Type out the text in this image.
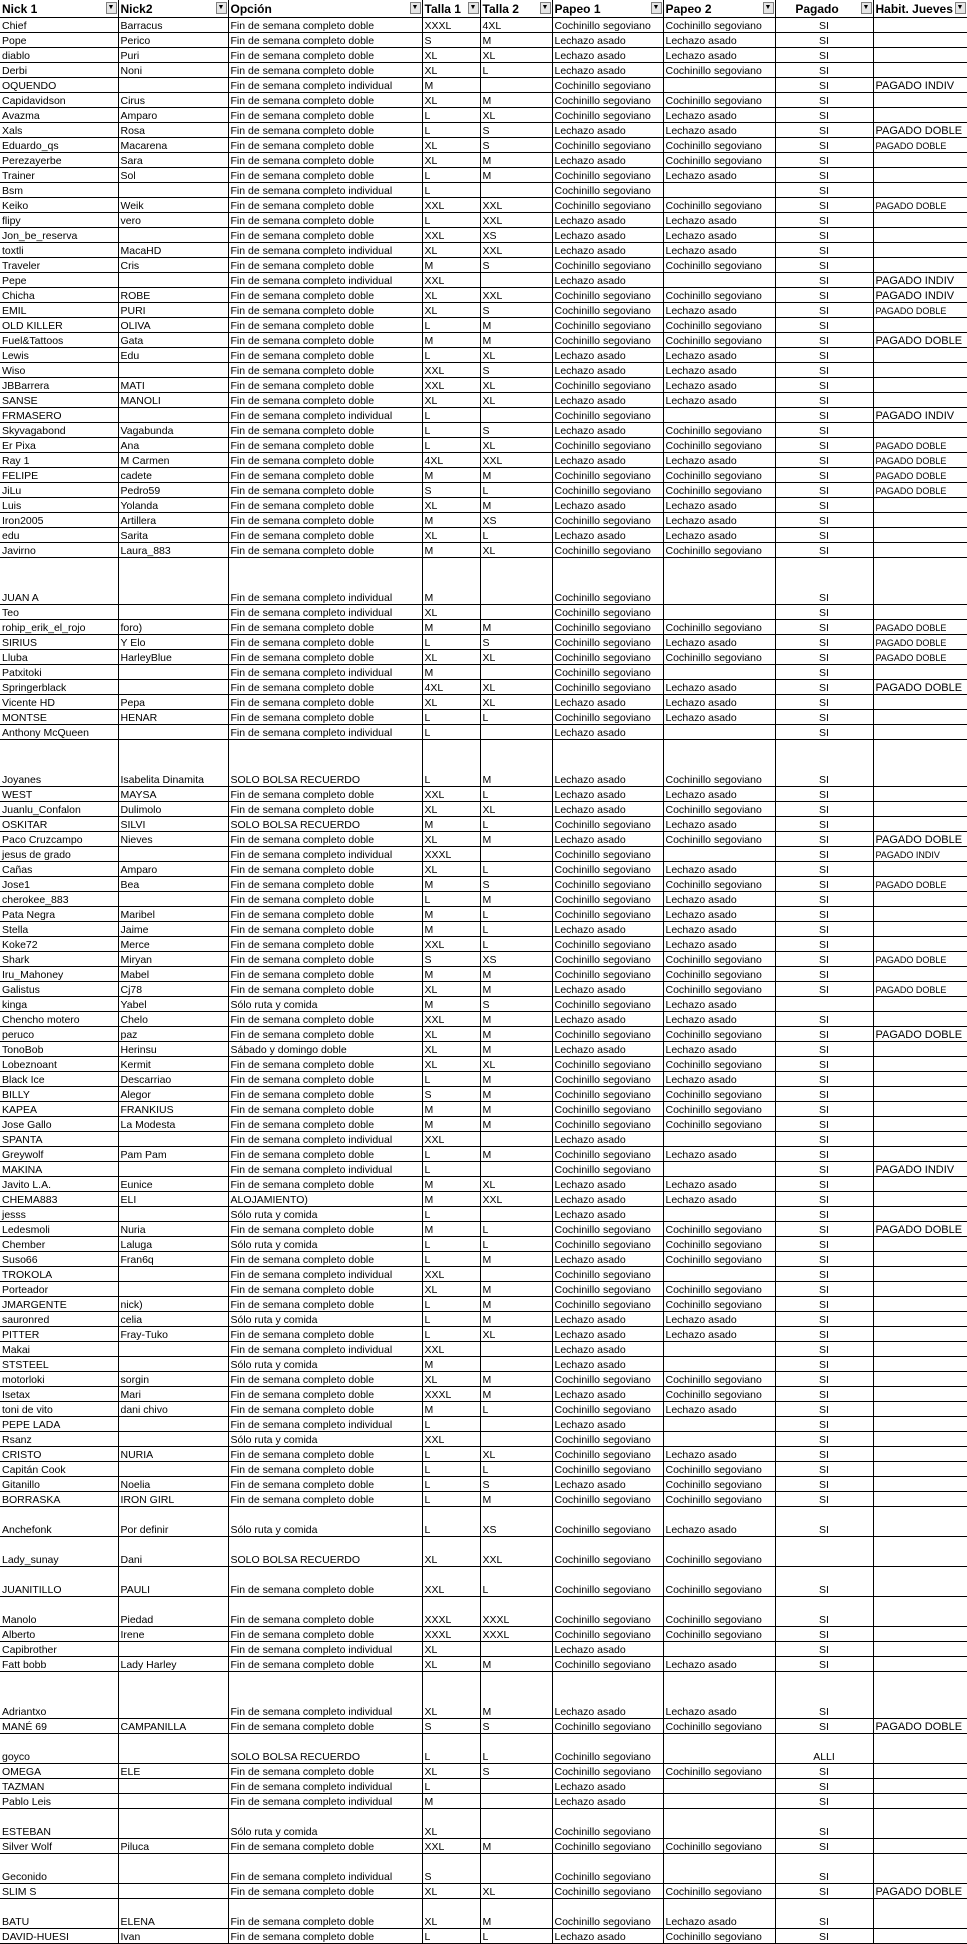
Nick 1 ▼	Nick2 ▼	Opción ▼	Talla 1 ▼	Talla 2 ▼	Papeo 1 ▼	Papeo 2 ▼	Pagado ▼	Habit. Jueves ▼

Chief	Barracus	Fin de semana completo doble	XXXL	4XL	Cochinillo segoviano	Cochinillo segoviano	SI	
Pope	Perico	Fin de semana completo doble	S	M	Lechazo asado	Lechazo asado	SI	
diablo	Puri	Fin de semana completo doble	XL	XL	Lechazo asado	Lechazo asado	SI	
Derbi	Noni	Fin de semana completo doble	XL	L	Lechazo asado	Cochinillo segoviano	SI	
OQUENDO		Fin de semana completo individual	M		Cochinillo segoviano		SI	PAGADO INDIV
Capidavidson	Cirus	Fin de semana completo doble	XL	M	Cochinillo segoviano	Cochinillo segoviano	SI	
Avazma	Amparo	Fin de semana completo doble	L	XL	Cochinillo segoviano	Lechazo asado	SI	
Xals	Rosa	Fin de semana completo doble	L	S	Lechazo asado	Lechazo asado	SI	PAGADO DOBLE
Eduardo_qs	Macarena	Fin de semana completo doble	XL	S	Cochinillo segoviano	Cochinillo segoviano	SI	PAGADO DOBLE
Perezayerbe	Sara	Fin de semana completo doble	XL	M	Lechazo asado	Cochinillo segoviano	SI	
Trainer	Sol	Fin de semana completo doble	L	M	Cochinillo segoviano	Lechazo asado	SI	
Bsm		Fin de semana completo individual	L		Cochinillo segoviano		SI	
Keiko	Weik	Fin de semana completo doble	XXL	XXL	Cochinillo segoviano	Cochinillo segoviano	SI	PAGADO DOBLE
flipy	vero	Fin de semana completo doble	L	XXL	Lechazo asado	Lechazo asado	SI	
Jon_be_reserva		Fin de semana completo doble	XXL	XS	Lechazo asado	Lechazo asado	SI	
toxtli	MacaHD	Fin de semana completo individual	XL	XXL	Lechazo asado	Lechazo asado	SI	
Traveler	Cris	Fin de semana completo doble	M	S	Cochinillo segoviano	Cochinillo segoviano	SI	
Pepe		Fin de semana completo individual	XXL		Lechazo asado		SI	PAGADO INDIV
Chicha	ROBE	Fin de semana completo doble	XL	XXL	Cochinillo segoviano	Cochinillo segoviano	SI	PAGADO INDIV
EMIL	PURI	Fin de semana completo doble	XL	S	Cochinillo segoviano	Lechazo asado	SI	PAGADO DOBLE
OLD KILLER	OLIVA	Fin de semana completo doble	L	M	Cochinillo segoviano	Cochinillo segoviano	SI	
Fuel&Tattoos	Gata	Fin de semana completo doble	M	M	Cochinillo segoviano	Cochinillo segoviano	SI	PAGADO DOBLE
Lewis	Edu	Fin de semana completo doble	L	XL	Lechazo asado	Lechazo asado	SI	
Wiso		Fin de semana completo doble	XXL	S	Lechazo asado	Lechazo asado	SI	
JBBarrera	MATI	Fin de semana completo doble	XXL	XL	Cochinillo segoviano	Lechazo asado	SI	
SANSE	MANOLI	Fin de semana completo doble	XL	XL	Lechazo asado	Lechazo asado	SI	
FRMASERO		Fin de semana completo individual	L		Cochinillo segoviano		SI	PAGADO INDIV
Skyvagabond	Vagabunda	Fin de semana completo doble	L	S	Lechazo asado	Cochinillo segoviano	SI	
Er Pixa	Ana	Fin de semana completo doble	L	XL	Cochinillo segoviano	Cochinillo segoviano	SI	PAGADO DOBLE
Ray 1	M Carmen	Fin de semana completo doble	4XL	XXL	Lechazo asado	Lechazo asado	SI	PAGADO DOBLE
FELIPE	cadete	Fin de semana completo doble	M	M	Cochinillo segoviano	Cochinillo segoviano	SI	PAGADO DOBLE
JiLu	Pedro59	Fin de semana completo doble	S	L	Cochinillo segoviano	Cochinillo segoviano	SI	PAGADO DOBLE
Luis	Yolanda	Fin de semana completo doble	XL	M	Lechazo asado	Lechazo asado	SI	
Iron2005	Artillera	Fin de semana completo doble	M	XS	Cochinillo segoviano	Lechazo asado	SI	
edu	Sarita	Fin de semana completo doble	XL	L	Lechazo asado	Lechazo asado	SI	
Javirno	Laura_883	Fin de semana completo doble	M	XL	Cochinillo segoviano	Cochinillo segoviano	SI	
JUAN A		Fin de semana completo individual	M		Cochinillo segoviano		SI	
Teo		Fin de semana completo individual	XL		Cochinillo segoviano		SI	
rohip_erik_el_rojo	foro)	Fin de semana completo doble	M	M	Cochinillo segoviano	Cochinillo segoviano	SI	PAGADO DOBLE
SIRIUS	Y Elo	Fin de semana completo doble	L	S	Cochinillo segoviano	Lechazo asado	SI	PAGADO DOBLE
Lluba	HarleyBlue	Fin de semana completo doble	XL	XL	Cochinillo segoviano	Cochinillo segoviano	SI	PAGADO DOBLE
Patxitoki		Fin de semana completo individual	M		Cochinillo segoviano		SI	
Springerblack		Fin de semana completo doble	4XL	XL	Cochinillo segoviano	Lechazo asado	SI	PAGADO DOBLE
Vicente HD	Pepa	Fin de semana completo doble	XL	XL	Lechazo asado	Lechazo asado	SI	
MONTSE	HENAR	Fin de semana completo doble	L	L	Cochinillo segoviano	Lechazo asado	SI	
Anthony McQueen		Fin de semana completo individual	L		Lechazo asado		SI	
Joyanes	Isabelita Dinamita	SOLO BOLSA RECUERDO	L	M	Lechazo asado	Cochinillo segoviano	SI	
WEST	MAYSA	Fin de semana completo doble	XXL	L	Lechazo asado	Lechazo asado	SI	
Juanlu_Confalon	Dulimolo	Fin de semana completo doble	XL	XL	Lechazo asado	Cochinillo segoviano	SI	
OSKITAR	SILVI	SOLO BOLSA RECUERDO	M	L	Cochinillo segoviano	Lechazo asado	SI	
Paco Cruzcampo	Nieves	Fin de semana completo doble	XL	M	Lechazo asado	Cochinillo segoviano	SI	PAGADO DOBLE
jesus de grado		Fin de semana completo individual	XXXL		Cochinillo segoviano		SI	PAGADO INDIV
Cañas	Amparo	Fin de semana completo doble	XL	L	Cochinillo segoviano	Lechazo asado	SI	
Jose1	Bea	Fin de semana completo doble	M	S	Cochinillo segoviano	Cochinillo segoviano	SI	PAGADO DOBLE
cherokee_883		Fin de semana completo doble	L	M	Cochinillo segoviano	Lechazo asado	SI	
Pata Negra	Maribel	Fin de semana completo doble	M	L	Cochinillo segoviano	Lechazo asado	SI	
Stella	Jaime	Fin de semana completo doble	M	L	Lechazo asado	Lechazo asado	SI	
Koke72	Merce	Fin de semana completo doble	XXL	L	Cochinillo segoviano	Lechazo asado	SI	
Shark	Miryan	Fin de semana completo doble	S	XS	Cochinillo segoviano	Cochinillo segoviano	SI	PAGADO DOBLE
Iru_Mahoney	Mabel	Fin de semana completo doble	M	M	Cochinillo segoviano	Cochinillo segoviano	SI	
Galistus	Cj78	Fin de semana completo doble	XL	M	Lechazo asado	Cochinillo segoviano	SI	PAGADO DOBLE
kinga	Yabel	Sólo ruta y comida	M	S	Cochinillo segoviano	Lechazo asado		
Chencho motero	Chelo	Fin de semana completo doble	XXL	M	Lechazo asado	Lechazo asado	SI	
peruco	paz	Fin de semana completo doble	XL	M	Cochinillo segoviano	Cochinillo segoviano	SI	PAGADO DOBLE
TonoBob	Herinsu	Sábado y domingo doble	XL	M	Lechazo asado	Lechazo asado	SI	
Lobeznoant	Kermit	Fin de semana completo doble	XL	XL	Cochinillo segoviano	Cochinillo segoviano	SI	
Black Ice	Descarriao	Fin de semana completo doble	L	M	Cochinillo segoviano	Lechazo asado	SI	
BILLY	Alegor	Fin de semana completo doble	S	M	Cochinillo segoviano	Cochinillo segoviano	SI	
KAPEA	FRANKIUS	Fin de semana completo doble	M	M	Cochinillo segoviano	Cochinillo segoviano	SI	
Jose Gallo	La Modesta	Fin de semana completo doble	M	M	Cochinillo segoviano	Cochinillo segoviano	SI	
SPANTA		Fin de semana completo individual	XXL		Lechazo asado		SI	
Greywolf	Pam Pam	Fin de semana completo doble	L	M	Cochinillo segoviano	Lechazo asado	SI	
MAKINA		Fin de semana completo individual	L		Cochinillo segoviano		SI	PAGADO INDIV
Javito L.A.	Eunice	Fin de semana completo doble	M	XL	Lechazo asado	Lechazo asado	SI	
CHEMA883	ELI	ALOJAMIENTO)	M	XXL	Lechazo asado	Lechazo asado	SI	
jesss		Sólo ruta y comida	L		Lechazo asado		SI	
Ledesmoli	Nuria	Fin de semana completo doble	M	L	Cochinillo segoviano	Cochinillo segoviano	SI	PAGADO DOBLE
Chember	Laluga	Sólo ruta y comida	L	L	Cochinillo segoviano	Cochinillo segoviano	SI	
Suso66	Fran6q	Fin de semana completo doble	L	M	Lechazo asado	Cochinillo segoviano	SI	
TROKOLA		Fin de semana completo individual	XXL		Cochinillo segoviano		SI	
Porteador		Fin de semana completo doble	XL	M	Cochinillo segoviano	Cochinillo segoviano	SI	
JMARGENTE	nick)	Fin de semana completo doble	L	M	Cochinillo segoviano	Cochinillo segoviano	SI	
sauronred	celia	Sólo ruta y comida	L	M	Lechazo asado	Lechazo asado	SI	
PITTER	Fray-Tuko	Fin de semana completo doble	L	XL	Lechazo asado	Lechazo asado	SI	
Makai		Fin de semana completo individual	XXL		Lechazo asado		SI	
STSTEEL		Sólo ruta y comida	M		Lechazo asado		SI	
motorloki	sorgin	Fin de semana completo doble	XL	M	Cochinillo segoviano	Cochinillo segoviano	SI	
Isetax	Mari	Fin de semana completo doble	XXXL	M	Lechazo asado	Cochinillo segoviano	SI	
toni de vito	dani chivo	Fin de semana completo doble	M	L	Cochinillo segoviano	Lechazo asado	SI	
PEPE LADA		Fin de semana completo individual	L		Lechazo asado		SI	
Rsanz		Sólo ruta y comida	XXL		Cochinillo segoviano		SI	
CRISTO	NURIA	Fin de semana completo doble	L	XL	Cochinillo segoviano	Lechazo asado	SI	
Capitán Cook		Fin de semana completo doble	L	L	Cochinillo segoviano	Cochinillo segoviano	SI	
Gitanillo	Noelia	Fin de semana completo doble	L	S	Lechazo asado	Cochinillo segoviano	SI	
BORRASKA	IRON GIRL	Fin de semana completo doble	L	M	Cochinillo segoviano	Cochinillo segoviano	SI	
Anchefonk	Por definir	Sólo ruta y comida	L	XS	Cochinillo segoviano	Lechazo asado	SI	
Lady_sunay	Dani	SOLO BOLSA RECUERDO	XL	XXL	Cochinillo segoviano	Cochinillo segoviano		
JUANITILLO	PAULI	Fin de semana completo doble	XXL	L	Cochinillo segoviano	Cochinillo segoviano	SI	
Manolo	Piedad	Fin de semana completo doble	XXXL	XXXL	Cochinillo segoviano	Cochinillo segoviano	SI	
Alberto	Irene	Fin de semana completo doble	XXXL	XXXL	Cochinillo segoviano	Cochinillo segoviano	SI	
Capibrother		Fin de semana completo individual	XL		Lechazo asado		SI	
Fatt bobb	Lady Harley	Fin de semana completo doble	XL	M	Cochinillo segoviano	Lechazo asado	SI	
Adriantxo		Fin de semana completo individual	XL	M	Lechazo asado	Lechazo asado	SI	
MANÉ 69	CAMPANILLA	Fin de semana completo doble	S	S	Cochinillo segoviano	Cochinillo segoviano	SI	PAGADO DOBLE
goyco		SOLO BOLSA RECUERDO	L	L	Cochinillo segoviano		ALLI	
OMEGA	ELE	Fin de semana completo doble	XL	S	Cochinillo segoviano	Cochinillo segoviano	SI	
TAZMAN		Fin de semana completo individual	L		Lechazo asado		SI	
Pablo Leis		Fin de semana completo individual	M		Lechazo asado		SI	
ESTEBAN		Sólo ruta y comida	XL		Cochinillo segoviano		SI	
Silver Wolf	Piluca	Fin de semana completo doble	XXL	M	Cochinillo segoviano	Cochinillo segoviano	SI	
Geconido		Fin de semana completo individual	S		Cochinillo segoviano		SI	
SLIM S		Fin de semana completo doble	XL	XL	Cochinillo segoviano	Cochinillo segoviano	SI	PAGADO DOBLE
BATU	ELENA	Fin de semana completo doble	XL	M	Cochinillo segoviano	Lechazo asado	SI	
DAVID-HUESI	Ivan	Fin de semana completo doble	L	L	Lechazo asado	Cochinillo segoviano	SI	
